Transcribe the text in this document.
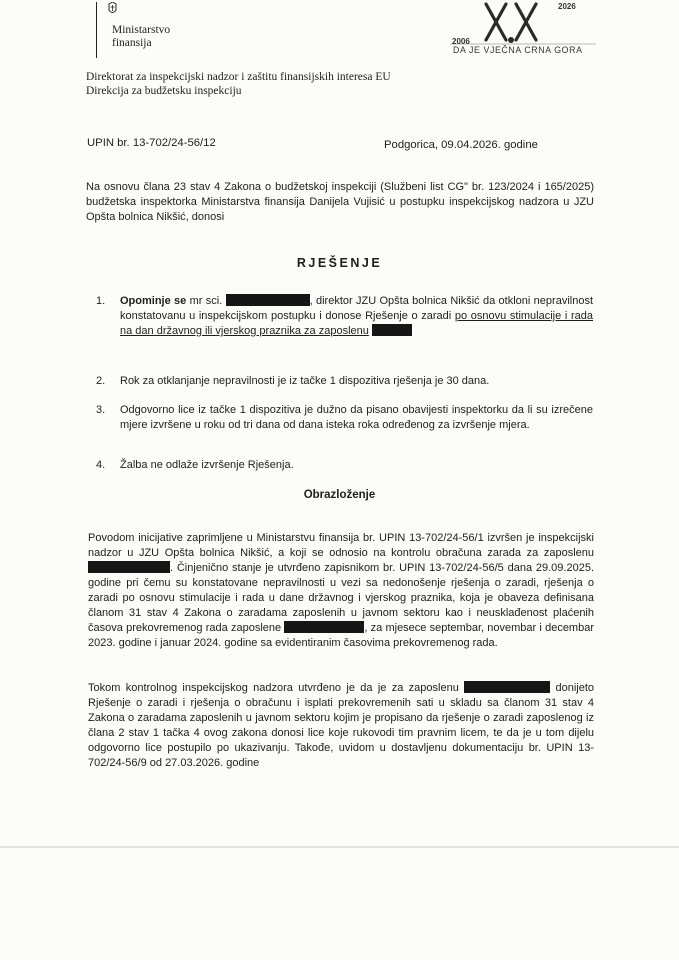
Ministarstvo
finansija	2006
2026
DA JE VJEČNA CRNA GORA
Direktorat za inspekcijski nadzor i zaštitu finansijskih interesa EU
Direkcija za budžetsku inspekciju
UPIN br. 13-702/24-56/12	Podgorica, 09.04.2026. godine
Na osnovu člana 23 stav 4 Zakona o budžetskoj inspekciji (Službeni list CG" br. 123/2024 i 165/2025) budžetska inspektorka Ministarstva finansija Danijela Vujisić u postupku inspekcijskog nadzora u JZU Opšta bolnica Nikšić, donosi
RJEŠENJE
1. Opominje se mr sci.	, direktor JZU Opšta bolnica Nikšić da otkloni nepravilnost konstatovanu u inspekcijskom postupku i donose Rješenje o zaradi po osnovu stimulacije i rada na dan državnog ili vjerskog praznika za zaposlenu
2. Rok za otklanjanje nepravilnosti je iz tačke 1 dispozitiva rješenja je 30 dana.
3. Odgovorno lice iz tačke 1 dispozitiva je dužno da pisano obavijesti inspektorku da li su izrečene mjere izvršene u roku od tri dana od dana isteka roka određenog za izvršenje mjera.
4. Žalba ne odlaže izvršenje Rješenja.
Obrazloženje
Povodom inicijative zaprimljene u Ministarstvu finansija br. UPIN 13-702/24-56/1 izvršen je inspekcijski nadzor u JZU Opšta bolnica Nikšić, a koji se odnosio na kontrolu obračuna zarada za zaposlenu . Činjenično stanje je utvrđeno zapisnikom br. UPIN 13-702/24-56/5 dana 29.09.2025. godine pri čemu su konstatovane nepravilnosti u vezi sa nedonošenje rješenja o zaradi, rješenja o zaradi po osnovu stimulacije i rada u dane državnog i vjerskog praznika, koja je obaveza definisana članom 31 stav 4 Zakona o zaradama zaposlenih u javnom sektoru kao i neusklađenost plaćenih časova prekovremenog rada zaposlene	, za mjesece septembar, novembar i decembar 2023. godine i januar 2024. godine sa evidentiranim časovima prekovremenog rada.
Tokom kontrolnog inspekcijskog nadzora utvrđeno je da je za zaposlenu	donijeto Rješenje o zaradi i rješenja o obračunu i isplati prekovremenih sati u skladu sa članom 31 stav 4 Zakona o zaradama zaposlenih u javnom sektoru kojim je propisano da rješenje o zaradi zaposlenog iz člana 2 stav 1 tačka 4 ovog zakona donosi lice koje rukovodi tim pravnim licem, te da je u tom dijelu odgovorno lice postupilo po ukazivanju. Takođe, uvidom u dostavljenu dokumentaciju br. UPIN 13-702/24-56/9 od 27.03.2026. godine
